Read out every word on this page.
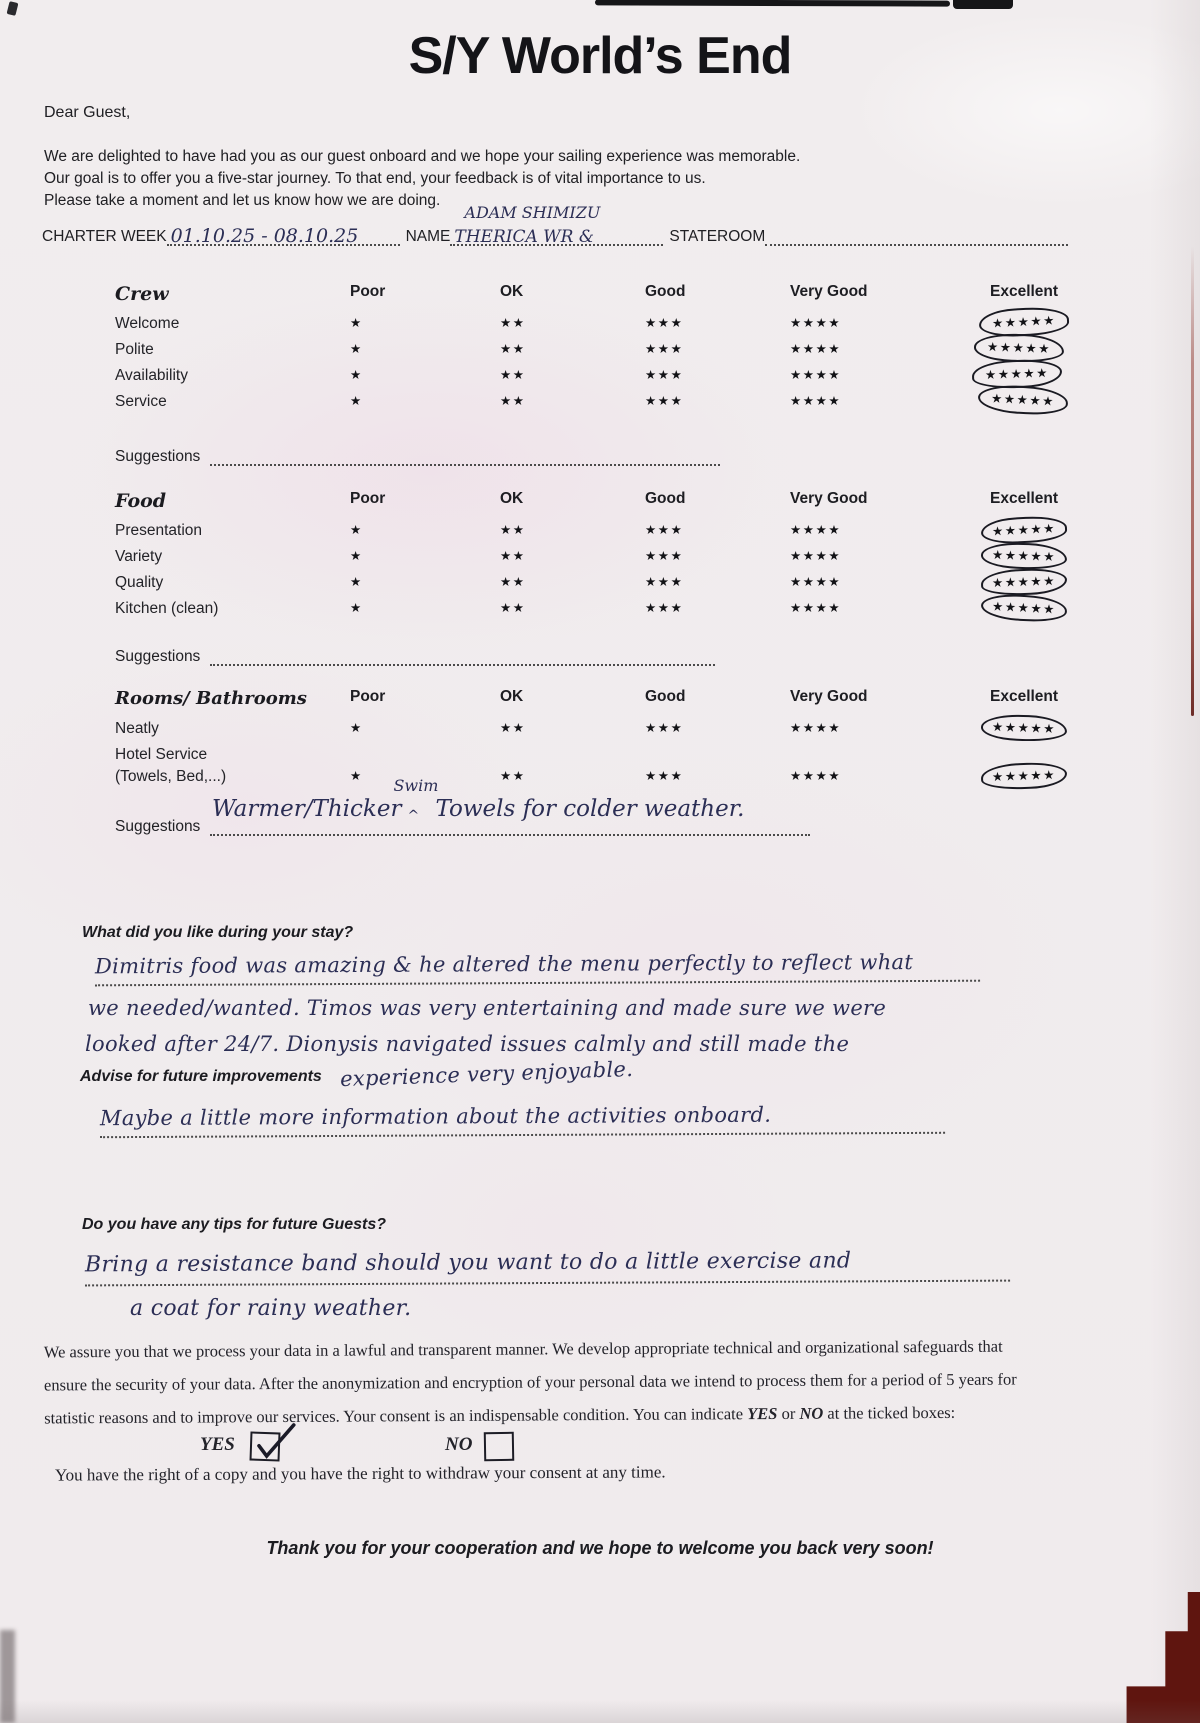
S/Y World’s End
Dear Guest,
We are delighted to have had you as our guest onboard and we hope your sailing experience was memorable.
Our goal is to offer you a five-star journey. To that end, your feedback is of vital importance to us.
Please take a moment and let us know how we are doing.
CHARTER WEEK 01.10.25 - 08.10.25	NAME
ADAM SHIMIZU
THERICA WR &	STATEROOM
Crew	Poor	OK	Good	Very Good	Excellent
Welcome	★	★★	★★★	★★★★	★★★★★
Polite	★	★★	★★★	★★★★	★★★★★
Availability	★	★★	★★★	★★★★	★★★★★
Service	★	★★	★★★	★★★★	★★★★★
Suggestions
Food	Poor	OK	Good	Very Good	Excellent
Presentation	★	★★	★★★	★★★★	★★★★★
Variety	★	★★	★★★	★★★★	★★★★★
Quality	★	★★	★★★	★★★★	★★★★★
Kitchen (clean)	★	★★	★★★	★★★★	★★★★★
Suggestions
Rooms/ Bathrooms	Poor	OK	Good	Very Good	Excellent
Neatly	★	★★	★★★	★★★★	★★★★★
Hotel Service
(Towels, Bed,...)	★	★★	★★★	★★★★	★★★★★
Suggestions
Warmer/Thicker
Swim
^ Towels for colder weather.
What did you like during your stay?
Dimitris food was amazing & he altered the menu perfectly to reflect what
we needed/wanted. Timos was very entertaining and made sure we were
looked after 24/7. Dionysis navigated issues calmly and still made the
Advise for future improvements experience very enjoyable.
Maybe a little more information about the activities onboard.
Do you have any tips for future Guests?
Bring a resistance band should you want to do a little exercise and
a coat for rainy weather.
We assure you that we process your data in a lawful and transparent manner. We develop appropriate technical and organizational safeguards that
ensure the security of your data. After the anonymization and encryption of your personal data we intend to process them for a period of 5 years for
statistic reasons and to improve our services. Your consent is an indispensable condition. You can indicate YES or NO at the ticked boxes:
YES	NO
You have the right of a copy and you have the right to withdraw your consent at any time.
Thank you for your cooperation and we hope to welcome you back very soon!
